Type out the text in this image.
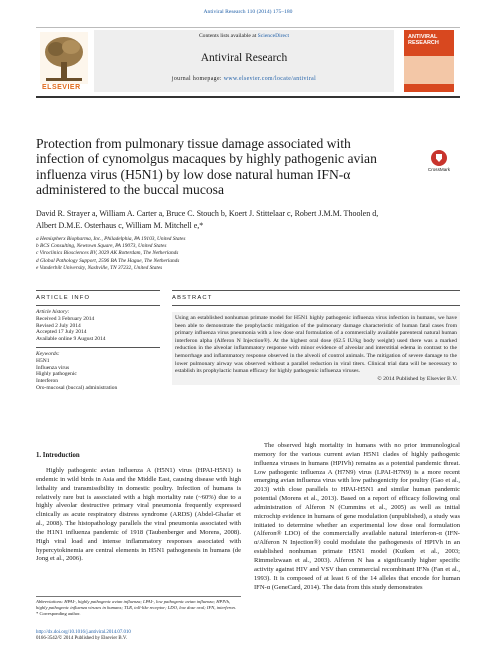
Antiviral Research 110 (2014) 175–180
ELSEVIER
Contents lists available at ScienceDirect
Antiviral Research
journal homepage: www.elsevier.com/locate/antiviral
ANTIVIRAL RESEARCH
Protection from pulmonary tissue damage associated with infection of cynomolgus macaques by highly pathogenic avian influenza virus (H5N1) by low dose natural human IFN-α administered to the buccal mucosa
CrossMark
David R. Strayer a, William A. Carter a, Bruce C. Stouch b, Koert J. Stittelaar c, Robert J.M.M. Thoolen d,
Albert D.M.E. Osterhaus c, William M. Mitchell e,*
a Hemispherx Biopharma, Inc., Philadelphia, PA 19103, United States
b BCS Consulting, Newtown Square, PA 19073, United States
c Viroclinics Biosciences BV, 3029 AK Rotterdam, The Netherlands
d Global Pathology Support, 2596 BA The Hague, The Netherlands
e Vanderbilt University, Nashville, TN 37232, United States
ARTICLE INFO
Article history:
Received 3 February 2014
Revised 2 July 2014
Accepted 17 July 2014
Available online 9 August 2014
Keywords:
H5N1
Influenza virus
Highly pathogenic
Interferon
Oro-mucosal (buccal) administration
ABSTRACT
Using an established nonhuman primate model for H5N1 highly pathogenic influenza virus infection in humans, we have been able to demonstrate the prophylactic mitigation of the pulmonary damage characteristic of human fatal cases from primary influenza virus pneumonia with a low dose oral formulation of a commercially available parenteral natural human interferon alpha (Alferon N Injection®). At the highest oral dose (62.5 IU/kg body weight) used there was a marked reduction in the alveolar inflammatory response with minor evidence of alveolar and interstitial edema in contrast to the hemorrhage and inflammatory response observed in the alveoli of control animals. The mitigation of severe damage to the lower pulmonary airway was observed without a parallel reduction in viral titers. Clinical trial data will be necessary to establish its prophylactic human efficacy for highly pathogenic influenza viruses.
© 2014 Published by Elsevier B.V.
1. Introduction
Highly pathogenic avian influenza A (H5N1) virus (HPAI-H5N1) is endemic in wild birds in Asia and the Middle East, causing disease with high lethality and transmissibility in domestic poultry. Infection of humans is relatively rare but is associated with a high mortality rate (~60%) due to a highly alveolar destructive primary viral pneumonia frequently expressed clinically as acute respiratory distress syndrome (ARDS) (Abdel-Ghafar et al., 2008). The histopathology parallels the viral pneumonia associated with the H1N1 influenza pandemic of 1918 (Taubenberger and Morens, 2008). High viral load and intense inflammatory responses associated with hypercytokinemia are central elements in H5N1 pathogenesis in humans (de Jong et al., 2006).
The observed high mortality in humans with no prior immunological memory for the various current avian H5N1 clades of highly pathogenic influenza viruses in humans (HPIVh) remains as a potential pandemic threat. Low pathogenic influenza A (H7N9) virus (LPAI-H7N9) is a more recent emerging avian influenza virus with low pathogenicity for poultry (Gao et al., 2013) with close parallels to HPAI-H5N1 and similar human pandemic potential (Morens et al., 2013). Based on a report of efficacy following oral administration of Alferon N (Cummins et al., 2005) as well as initial microchip evidence in humans of gene modulation (unpublished), a study was initiated to determine whether an experimental low dose oral formulation (Alferon® LDO) of the commercially available natural interferon-α (IFN-α/Alferon N Injection®) could modulate the pathogenesis of HPIVh in an established nonhuman primate H5N1 model (Kuiken et al., 2003; Rimmelzwaan et al., 2003). Alferon N has a significantly higher specific activity against HIV and VSV than commercial recombinant IFNs (Fan et al., 1993). It is composed of at least 6 of the 14 alleles that encode for human IFN-α (GeneCard, 2014). The data from this study demonstrates
Abbreviations: HPAI-, highly pathogenic avian influenza; LPAI-, low pathogenic avian influenza; HPIVh, highly pathogenic influenza viruses in humans; TLR, toll-like receptor; LDO, low dose oral; IFN, interferon.
* Corresponding author.
http://dx.doi.org/10.1016/j.antiviral.2014.07.010
0166-3542/© 2014 Published by Elsevier B.V.
